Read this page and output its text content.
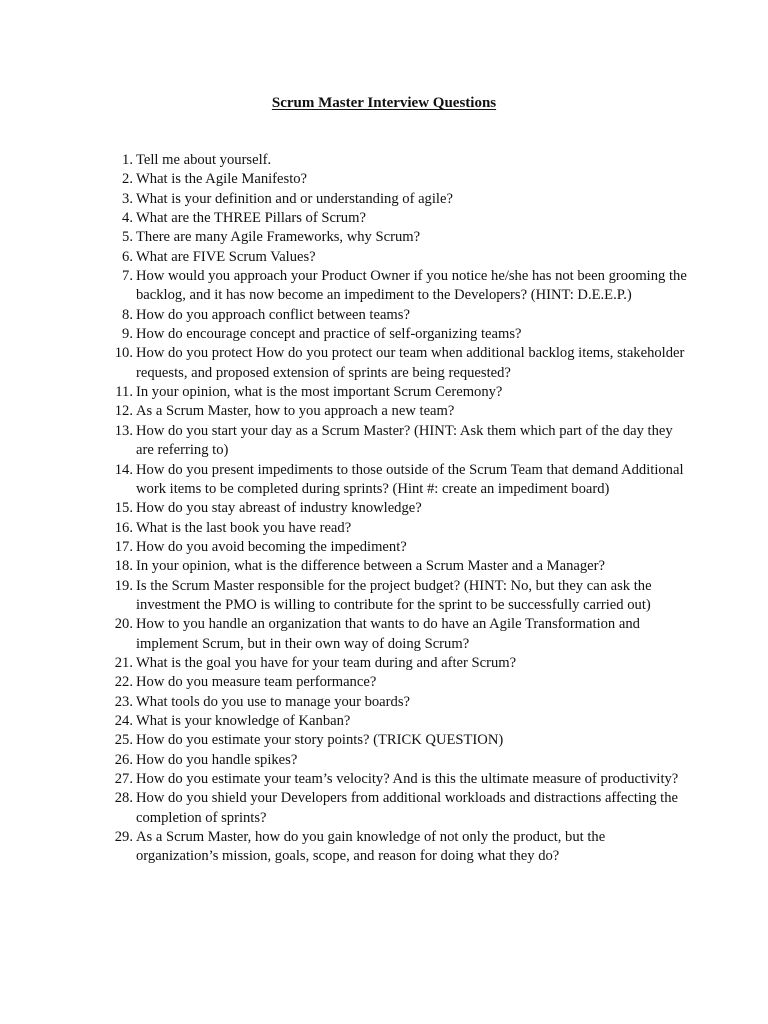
Scrum Master Interview Questions
1. Tell me about yourself.
2. What is the Agile Manifesto?
3. What is your definition and or understanding of agile?
4. What are the THREE Pillars of Scrum?
5. There are many Agile Frameworks, why Scrum?
6. What are FIVE Scrum Values?
7. How would you approach your Product Owner if you notice he/she has not been grooming the backlog, and it has now become an impediment to the Developers? (HINT: D.E.E.P.)
8. How do you approach conflict between teams?
9. How do encourage concept and practice of self-organizing teams?
10. How do you protect How do you protect our team when additional backlog items, stakeholder requests, and proposed extension of sprints are being requested?
11. In your opinion, what is the most important Scrum Ceremony?
12. As a Scrum Master, how to you approach a new team?
13. How do you start your day as a Scrum Master? (HINT: Ask them which part of the day they are referring to)
14. How do you present impediments to those outside of the Scrum Team that demand Additional work items to be completed during sprints? (Hint #: create an impediment board)
15. How do you stay abreast of industry knowledge?
16. What is the last book you have read?
17. How do you avoid becoming the impediment?
18. In your opinion, what is the difference between a Scrum Master and a Manager?
19. Is the Scrum Master responsible for the project budget? (HINT: No, but they can ask the investment the PMO is willing to contribute for the sprint to be successfully carried out)
20. How to you handle an organization that wants to do have an Agile Transformation and implement Scrum, but in their own way of doing Scrum?
21. What is the goal you have for your team during and after Scrum?
22. How do you measure team performance?
23. What tools do you use to manage your boards?
24. What is your knowledge of Kanban?
25. How do you estimate your story points? (TRICK QUESTION)
26. How do you handle spikes?
27. How do you estimate your team’s velocity? And is this the ultimate measure of productivity?
28. How do you shield your Developers from additional workloads and distractions affecting the completion of sprints?
29. As a Scrum Master, how do you gain knowledge of not only the product, but the organization’s mission, goals, scope, and reason for doing what they do?
